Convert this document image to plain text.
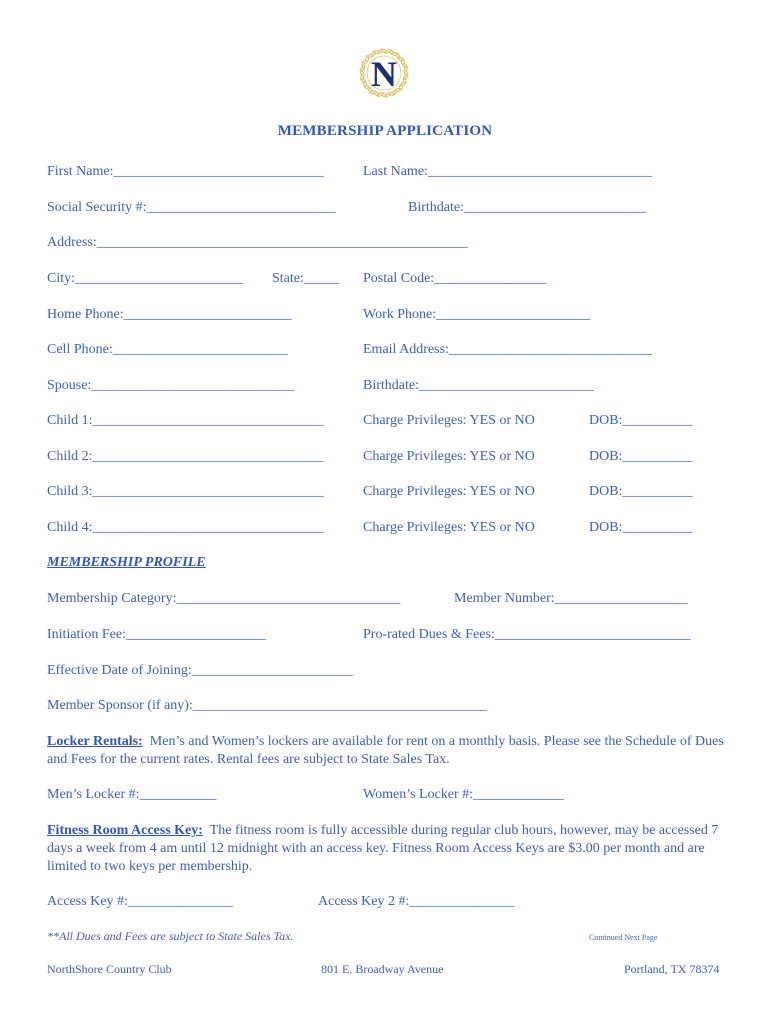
N
MEMBERSHIP APPLICATION
First Name:______________________________	Last Name:________________________________
Social Security #:___________________________	Birthdate:__________________________
Address:_____________________________________________________
City:________________________ State:_____ Postal Code:________________
Home Phone:________________________	Work Phone:______________________
Cell Phone:_________________________	Email Address:_____________________________
Spouse:_____________________________	Birthdate:_________________________
Child 1:_________________________________	Charge Privileges: YES or NO	DOB:__________
Child 2:_________________________________	Charge Privileges: YES or NO	DOB:__________
Child 3:_________________________________	Charge Privileges: YES or NO	DOB:__________
Child 4:_________________________________	Charge Privileges: YES or NO	DOB:__________
MEMBERSHIP PROFILE
Membership Category:________________________________	Member Number:___________________
Initiation Fee:____________________	Pro-rated Dues & Fees:____________________________
Effective Date of Joining:_______________________
Member Sponsor (if any):__________________________________________
Locker Rentals: Men’s and Women’s lockers are available for rent on a monthly basis. Please see the Schedule of Dues and Fees for the current rates. Rental fees are subject to State Sales Tax.
Men’s Locker #:___________	Women’s Locker #:_____________
Fitness Room Access Key: The fitness room is fully accessible during regular club hours, however, may be accessed 7 days a week from 4 am until 12 midnight with an access key. Fitness Room Access Keys are $3.00 per month and are limited to two keys per membership.
Access Key #:_______________	Access Key 2 #:_______________
**All Dues and Fees are subject to State Sales Tax.	Continued Next Page
NorthShore Country Club	801 E. Broadway Avenue	Portland, TX 78374
